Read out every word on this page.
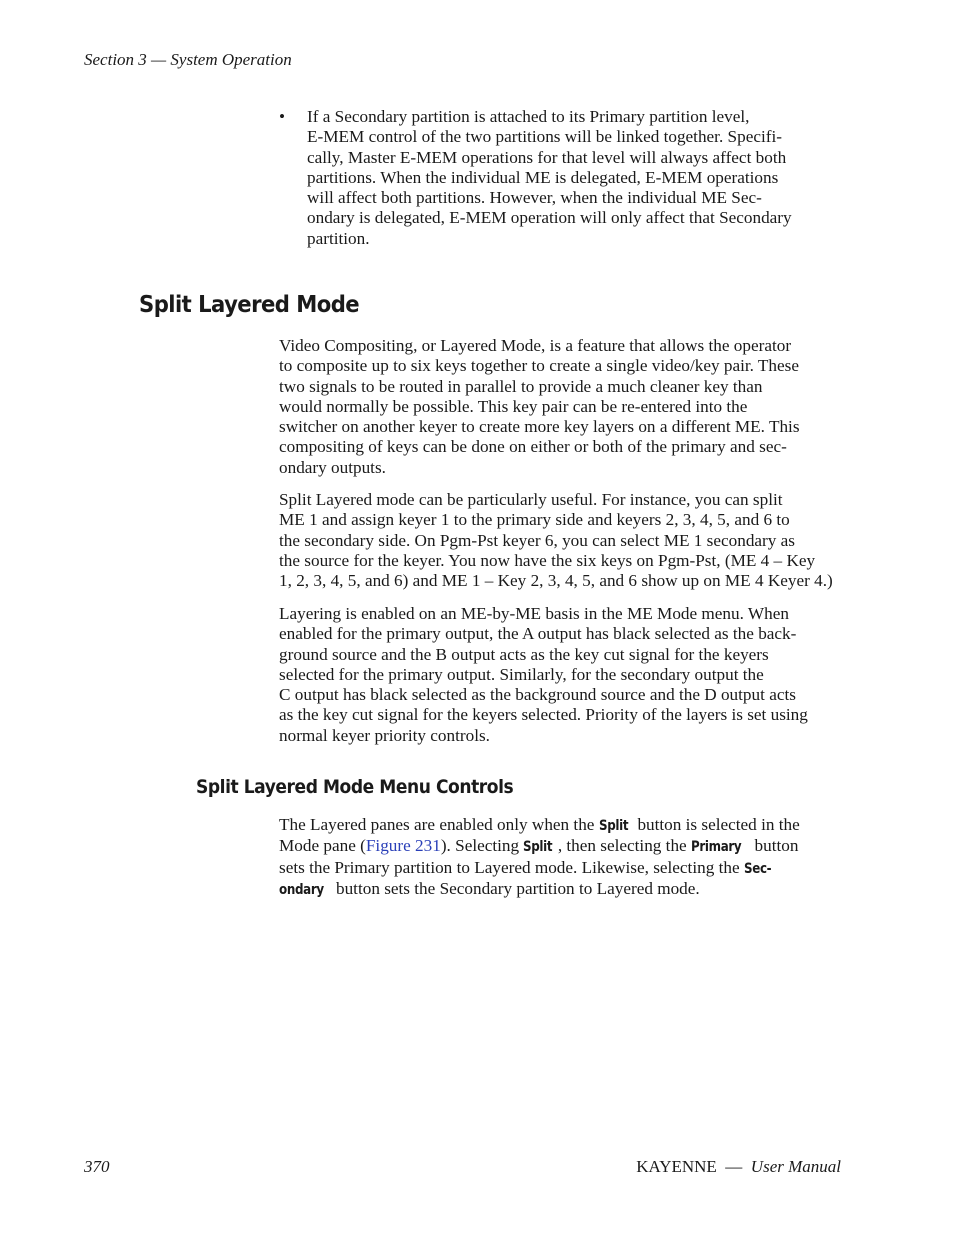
Section 3 — System Operation
•	If a Secondary partition is attached to its Primary partition level,
E-MEM control of the two partitions will be linked together. Specifi-
cally, Master E-MEM operations for that level will always affect both
partitions. When the individual ME is delegated, E-MEM operations
will affect both partitions. However, when the individual ME Sec-
ondary is delegated, E-MEM operation will only affect that Secondary
partition.
Split Layered Mode
Video Compositing, or Layered Mode, is a feature that allows the operator
to composite up to six keys together to create a single video/key pair. These
two signals to be routed in parallel to provide a much cleaner key than
would normally be possible. This key pair can be re-entered into the
switcher on another keyer to create more key layers on a different ME. This
compositing of keys can be done on either or both of the primary and sec-
ondary outputs.
Split Layered mode can be particularly useful. For instance, you can split
ME 1 and assign keyer 1 to the primary side and keyers 2, 3, 4, 5, and 6 to
the secondary side. On Pgm-Pst keyer 6, you can select ME 1 secondary as
the source for the keyer. You now have the six keys on Pgm-Pst, (ME 4 – Key
1, 2, 3, 4, 5, and 6) and ME 1 – Key 2, 3, 4, 5, and 6 show up on ME 4 Keyer 4.)
Layering is enabled on an ME-by-ME basis in the ME Mode menu. When
enabled for the primary output, the A output has black selected as the back-
ground source and the B output acts as the key cut signal for the keyers
selected for the primary output. Similarly, for the secondary output the
C output has black selected as the background source and the D output acts
as the key cut signal for the keyers selected. Priority of the layers is set using
normal keyer priority controls.
Split Layered Mode Menu Controls
The Layered panes are enabled only when the Split button is selected in the
Mode pane (Figure 231). Selecting Split , then selecting the Primary button
sets the Primary partition to Layered mode. Likewise, selecting the Sec-
ondary button sets the Secondary partition to Layered mode.
370	KAYENNE — User Manual
